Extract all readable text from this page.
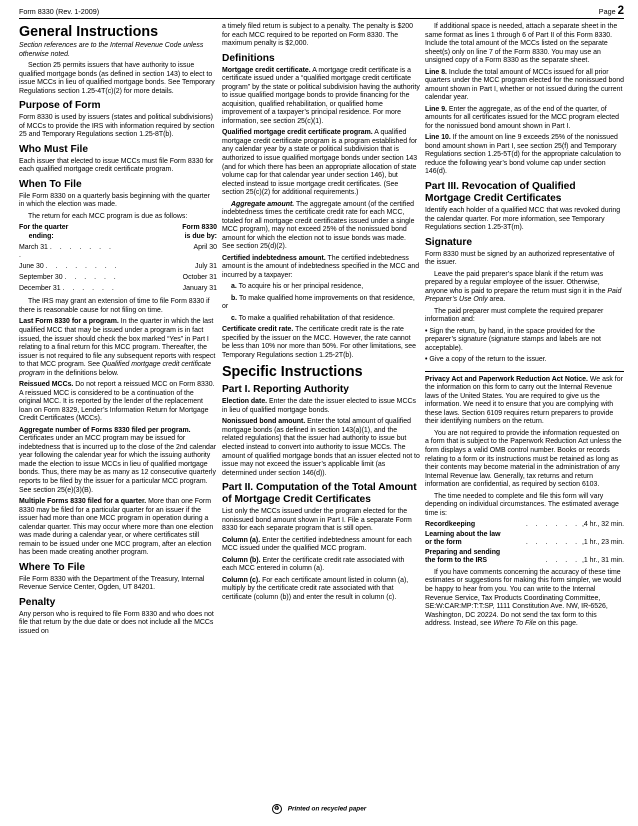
Form 8330 (Rev. 1-2009)	Page 2
General Instructions

Section references are to the Internal Revenue Code unless otherwise noted.

Section 25 permits issuers that have authority to issue qualified mortgage bonds (as defined in section 143) to elect to issue MCCs in lieu of qualified mortgage bonds. See Temporary Regulations section 1.25-4T(c)(2) for more details.

Purpose of Form

Form 8330 is used by issuers (states and political subdivisions) of MCCs to provide the IRS with information required by section 25 and Temporary Regulations section 1.25-8T(b).

Who Must File

Each issuer that elected to issue MCCs must file Form 8330 for each qualified mortgage credit certificate program.

When To File

File Form 8330 on a quarterly basis beginning with the quarter in which the election was made.

The return for each MCC program is due as follows:

For the quarter
ending:	Form 8330
is due by:
March 31 . . . . . . . .	April 30
June 30 . . . . . . . .	July 31
September 30 . . . . . .	October 31
December 31 . . . . . .	January 31

The IRS may grant an extension of time to file Form 8330 if there is reasonable cause for not filing on time.

Last Form 8330 for a program. In the quarter in which the last qualified MCC that may be issued under a program is in fact issued, the issuer should check the box marked “Yes” in Part I relating to a final return for this MCC program. Thereafter, the issuer is not required to file any subsequent reports with respect to that MCC program. See Qualified mortgage credit certificate program in the definitions below.

Reissued MCCs. Do not report a reissued MCC on Form 8330. A reissued MCC is considered to be a continuation of the original MCC. It is reported by the lender of the replacement loan on Form 8329, Lender’s Information Return for Mortgage Credit Certificates (MCCs).

Aggregate number of Forms 8330 filed per program. Certificates under an MCC program may be issued for indebtedness that is incurred up to the close of the 2nd calendar year following the calendar year for which the issuing authority made the election to issue MCCs in lieu of qualified mortgage bonds. Thus, there may be as many as 12 consecutive quarterly reports to be filed by the issuer for a particular MCC program. See section 25(e)(3)(B).

Multiple Forms 8330 filed for a quarter. More than one Form 8330 may be filed for a particular quarter for an issuer if the issuer had more than one MCC program in operation during a calendar quarter. This may occur where more than one election was made during a calendar year, or where certificates still remain to be issued under one MCC program, after an election has been made creating another program.

Where To File

File Form 8330 with the Department of the Treasury, Internal Revenue Service Center, Ogden, UT 84201.

Penalty

Any person who is required to file Form 8330 and who does not file that return by the due date or does not include all the MCCs issued on

a timely filed return is subject to a penalty. The penalty is $200 for each MCC required to be reported on Form 8330. The maximum penalty is $2,000.

Definitions

Mortgage credit certificate. A mortgage credit certificate is a certificate issued under a “qualified mortgage credit certificate program” by the state or political subdivision having the authority to issue qualified mortgage bonds to provide financing for the acquisition, qualified rehabilitation, or qualified home improvement of a taxpayer’s principal residence. For more information, see section 25(c)(1).

Qualified mortgage credit certificate program. A qualified mortgage credit certificate program is a program established for any calendar year by a state or political subdivision that is authorized to issue qualified mortgage bonds under section 143 (and for which there has been an appropriate allocation of state volume cap for that calendar year under section 146), but elected instead to issue mortgage credit certificates. (See section 25(c)(2) for additional requirements.)

Aggregate amount. The aggregate amount (of the certified indebtedness times the certificate credit rate for each MCC, totaled for all mortgage credit certificates issued under a single MCC program), may not exceed 25% of the nonissued bond amount for which the election not to issue bonds was made. See section 25(d)(2).

Certified indebtedness amount. The certified indebtedness amount is the amount of indebtedness specified in the MCC and incurred by a taxpayer:

a. To acquire his or her principal residence,

b. To make qualified home improvements on that residence, or

c. To make a qualified rehabilitation of that residence.

Certificate credit rate. The certificate credit rate is the rate specified by the issuer on the MCC. However, the rate cannot be less than 10% nor more than 50%. For other limitations, see Temporary Regulations section 1.25-2T(b).

Specific Instructions
Part I. Reporting Authority

Election date. Enter the date the issuer elected to issue MCCs in lieu of qualified mortgage bonds.

Nonissued bond amount. Enter the total amount of qualified mortgage bonds (as defined in section 143(a)(1), and the related regulations) that the issuer had authority to issue but elected instead to convert into authority to issue MCCs. The amount of qualified mortgage bonds that an issuer elected not to issue may not exceed the issuer’s applicable limit (as determined under section 146(d)).

Part II. Computation of the Total Amount of Mortgage Credit Certificates

List only the MCCs issued under the program elected for the nonissued bond amount shown in Part I. File a separate Form 8330 for each separate program that is still open.

Column (a). Enter the certified indebtedness amount for each MCC issued under the qualified MCC program.

Column (b). Enter the certificate credit rate associated with each MCC entered in column (a).

Column (c). For each certificate amount listed in column (a), multiply by the certificate credit rate associated with that certificate (column (b)) and enter the result in column (c).

If additional space is needed, attach a separate sheet in the same format as lines 1 through 6 of Part II of this Form 8330. Include the total amount of the MCCs listed on the separate sheet(s) only on line 7 of the Form 8330. You may use an unsigned copy of a Form 8330 as the separate sheet.

Line 8. Include the total amount of MCCs issued for all prior quarters under the MCC program elected for the nonissued bond amount shown in Part I, whether or not issued during the current calendar year.

Line 9. Enter the aggregate, as of the end of the quarter, of amounts for all certificates issued for the MCC program elected for the nonissued bond amount shown in Part I.

Line 10. If the amount on line 9 exceeds 25% of the nonissued bond amount shown in Part I, see section 25(f) and Temporary Regulations section 1.25-5T(d) for the appropriate calculation to reduce the following year’s bond volume cap under section 146(d).

Part III. Revocation of Qualified Mortgage Credit Certificates

Identify each holder of a qualified MCC that was revoked during the calendar quarter. For more information, see Temporary Regulations section 1.25-3T(m).

Signature

Form 8330 must be signed by an authorized representative of the issuer.

Leave the paid preparer’s space blank if the return was prepared by a regular employee of the issuer. Otherwise, anyone who is paid to prepare the return must sign it in the Paid Preparer’s Use Only area.

The paid preparer must complete the required preparer information and:

• Sign the return, by hand, in the space provided for the preparer’s signature (signature stamps and labels are not acceptable).

• Give a copy of the return to the issuer.

Privacy Act and Paperwork Reduction Act Notice. We ask for the information on this form to carry out the Internal Revenue laws of the United States. You are required to give us the information. We need it to ensure that you are complying with these laws. Section 6109 requires return preparers to provide their identifying numbers on the return.

You are not required to provide the information requested on a form that is subject to the Paperwork Reduction Act unless the form displays a valid OMB control number. Books or records relating to a form or its instructions must be retained as long as their contents may become material in the administration of any Internal Revenue law. Generally, tax returns and return information are confidential, as required by section 6103.

The time needed to complete and file this form will vary depending on individual circumstances. The estimated average time is:

Recordkeeping	. . . . . . ,4 hr., 32 min.
Learning about the law
or the form	. . . . . . ,1 hr., 23 min.
Preparing and sending
the form to the IRS	. . . . ,1 hr., 31 min.

If you have comments concerning the accuracy of these time estimates or suggestions for making this form simpler, we would be happy to hear from you. You can write to the Internal Revenue Service, Tax Products Coordinating Committee, SE:W:CAR:MP:T:T:SP, 1111 Constitution Ave. NW, IR-6526, Washington, DC 20224. Do not send the tax form to this address. Instead, see Where To File on this page.

♻ Printed on recycled paper
